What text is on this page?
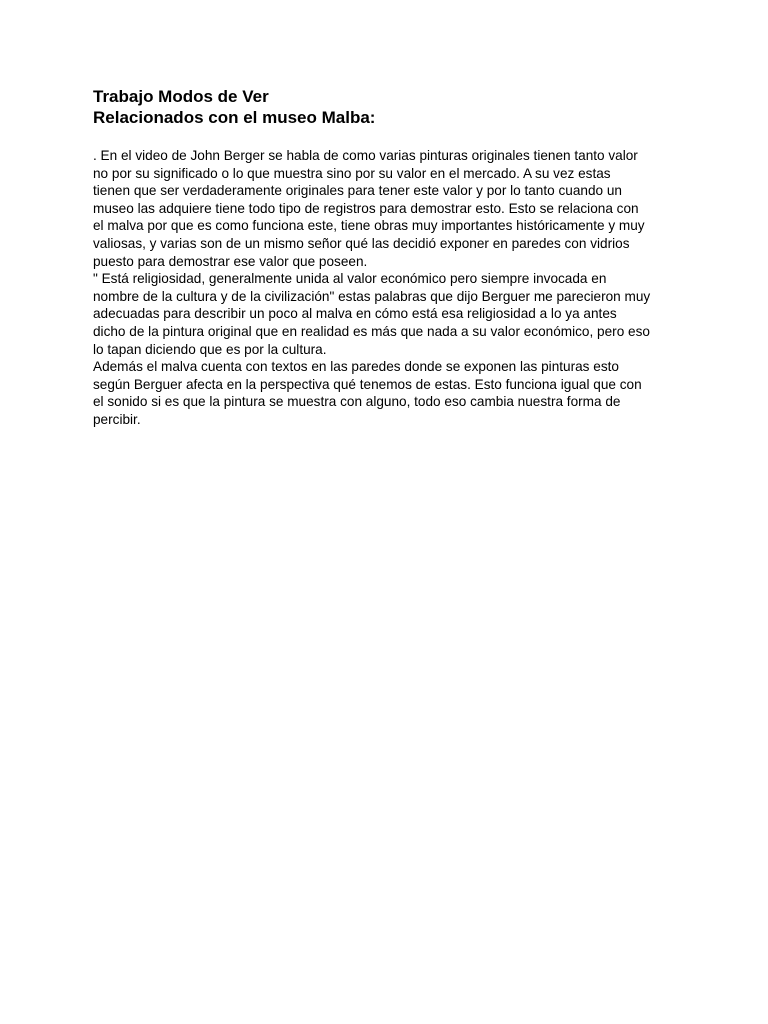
Trabajo Modos de Ver
Relacionados con el museo Malba:

. En el video de John Berger se habla de como varias pinturas originales tienen tanto valor

no por su significado o lo que muestra sino por su valor en el mercado. A su vez estas

tienen que ser verdaderamente originales para tener este valor y por lo tanto cuando un

museo las adquiere tiene todo tipo de registros para demostrar esto. Esto se relaciona con

el malva por que es como funciona este, tiene obras muy importantes históricamente y muy

valiosas, y varias son de un mismo señor qué las decidió exponer en paredes con vidrios

puesto para demostrar ese valor que poseen.

" Está religiosidad, generalmente unida al valor económico pero siempre invocada en

nombre de la cultura y de la civilización" estas palabras que dijo Berguer me parecieron muy

adecuadas para describir un poco al malva en cómo está esa religiosidad a lo ya antes

dicho de la pintura original que en realidad es más que nada a su valor económico, pero eso

lo tapan diciendo que es por la cultura.

Además el malva cuenta con textos en las paredes donde se exponen las pinturas esto

según Berguer afecta en la perspectiva qué tenemos de estas. Esto funciona igual que con

el sonido si es que la pintura se muestra con alguno, todo eso cambia nuestra forma de

percibir.
